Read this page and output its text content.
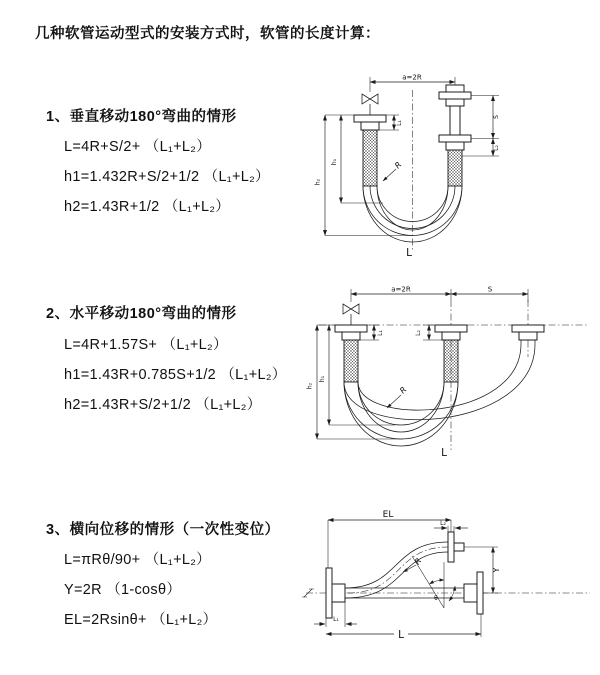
几种软管运动型式的安装方式时，软管的长度计算：
1、垂直移动180°弯曲的情形
L=4R+S/2+ （L₁+L₂）
h1=1.432R+S/2+1/2 （L₁+L₂）
h2=1.43R+1/2 （L₁+L₂）
2、水平移动180°弯曲的情形
L=4R+1.57S+ （L₁+L₂）
h1=1.43R+0.785S+1/2 （L₁+L₂）
h2=1.43R+S/2+1/2 （L₁+L₂）
3、横向位移的情形（一次性变位）
L=πRθ/90+ （L₁+L₂）
Y=2R （1-cosθ）
EL=2Rsinθ+ （L₁+L₂）
a=2R
h₁
h₂
L₁
S
L₂
R
L
a=2R	S
h₁
h₂
L₁	L₂
R
L
θ
R
EL
L₂
Y
L₁
L
